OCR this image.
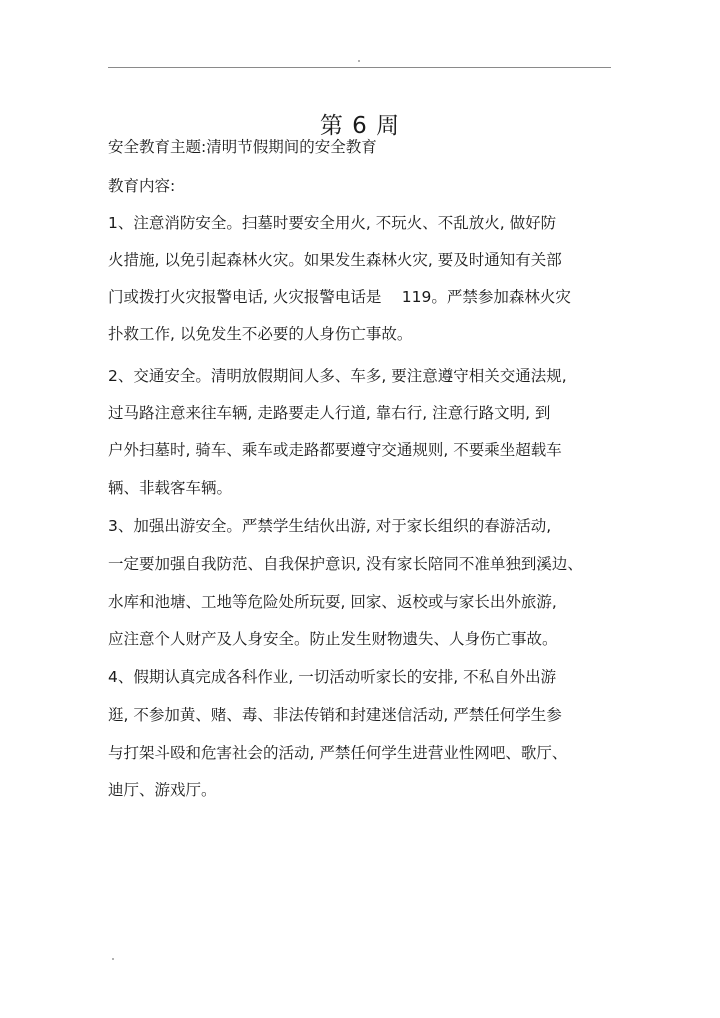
第 6 周
安全教育主题:清明节假期间的安全教育
教育内容:
1、注意消防安全。扫墓时要安全用火, 不玩火、不乱放火, 做好防
火措施, 以免引起森林火灾。如果发生森林火灾, 要及时通知有关部
门或拨打火灾报警电话, 火灾报警电话是　 119。严禁参加森林火灾
扑救工作, 以免发生不必要的人身伤亡事故。
2、交通安全。清明放假期间人多、车多, 要注意遵守相关交通法规,
过马路注意来往车辆, 走路要走人行道, 靠右行, 注意行路文明, 到
户外扫墓时, 骑车、乘车或走路都要遵守交通规则, 不要乘坐超载车
辆、非载客车辆。
3、加强出游安全。严禁学生结伙出游, 对于家长组织的春游活动,
一定要加强自我防范、自我保护意识, 没有家长陪同不准单独到溪边、
水库和池塘、工地等危险处所玩耍, 回家、返校或与家长出外旅游,
应注意个人财产及人身安全。防止发生财物遗失、人身伤亡事故。
4、假期认真完成各科作业, 一切活动听家长的安排, 不私自外出游
逛, 不参加黄、赌、毒、非法传销和封建迷信活动, 严禁任何学生参
与打架斗殴和危害社会的活动, 严禁任何学生进营业性网吧、歌厅、
迪厅、游戏厅。
